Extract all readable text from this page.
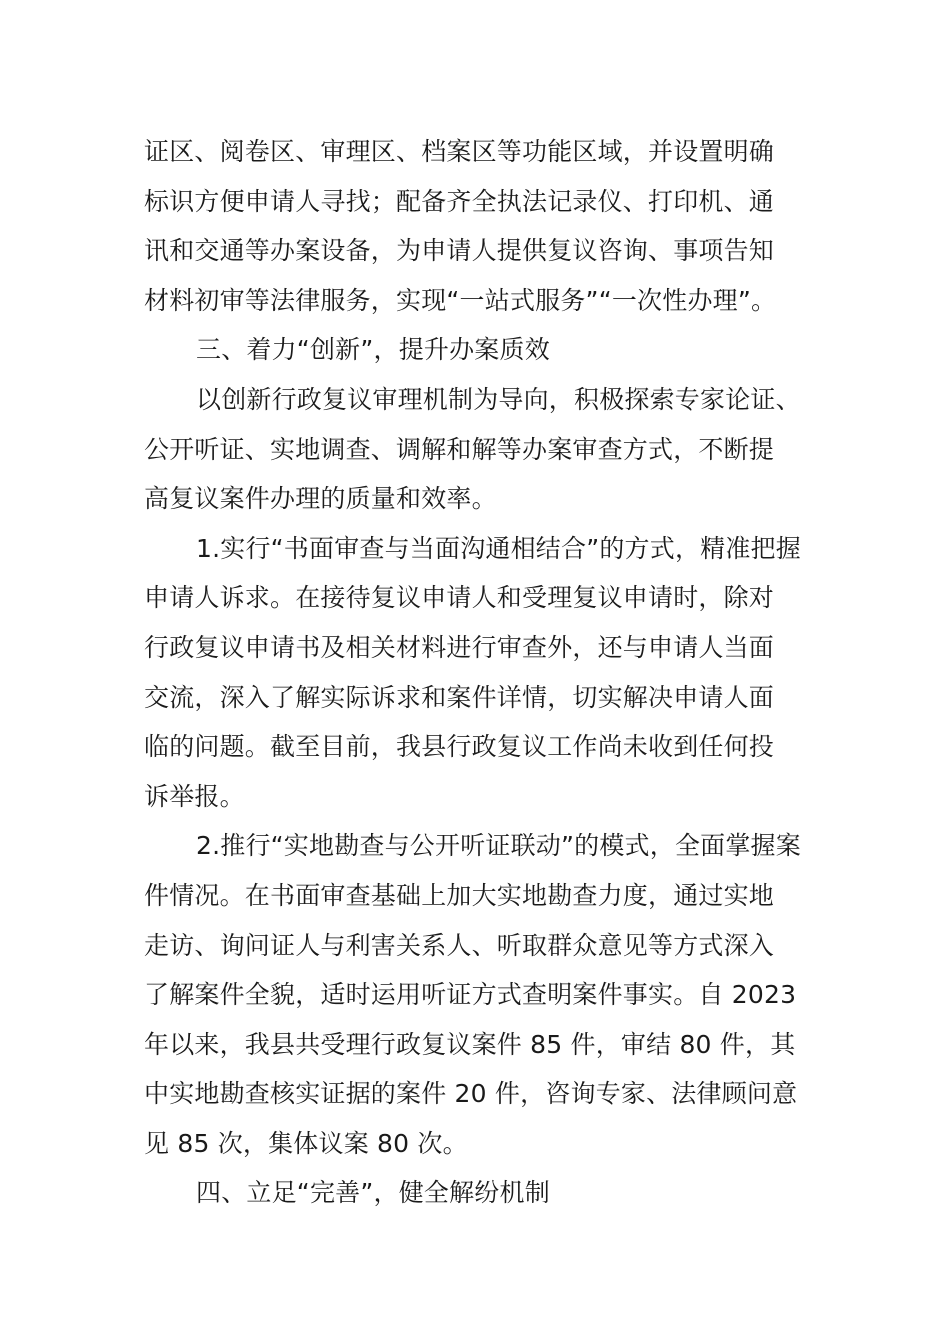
证区、阅卷区、审理区、档案区等功能区域，并设置明确
标识方便申请人寻找；配备齐全执法记录仪、打印机、通
讯和交通等办案设备，为申请人提供复议咨询、事项告知
材料初审等法律服务，实现“一站式服务”“一次性办理”。
三、着力“创新”，提升办案质效
以创新行政复议审理机制为导向，积极探索专家论证、
公开听证、实地调查、调解和解等办案审查方式，不断提
高复议案件办理的质量和效率。
1.实行“书面审查与当面沟通相结合”的方式，精准把握
申请人诉求。在接待复议申请人和受理复议申请时，除对
行政复议申请书及相关材料进行审查外，还与申请人当面
交流，深入了解实际诉求和案件详情，切实解决申请人面
临的问题。截至目前，我县行政复议工作尚未收到任何投
诉举报。
2.推行“实地勘查与公开听证联动”的模式，全面掌握案
件情况。在书面审查基础上加大实地勘查力度，通过实地
走访、询问证人与利害关系人、听取群众意见等方式深入
了解案件全貌，适时运用听证方式查明案件事实。自 2023
年以来，我县共受理行政复议案件 85 件，审结 80 件，其
中实地勘查核实证据的案件 20 件，咨询专家、法律顾问意
见 85 次，集体议案 80 次。
四、立足“完善”，健全解纷机制
